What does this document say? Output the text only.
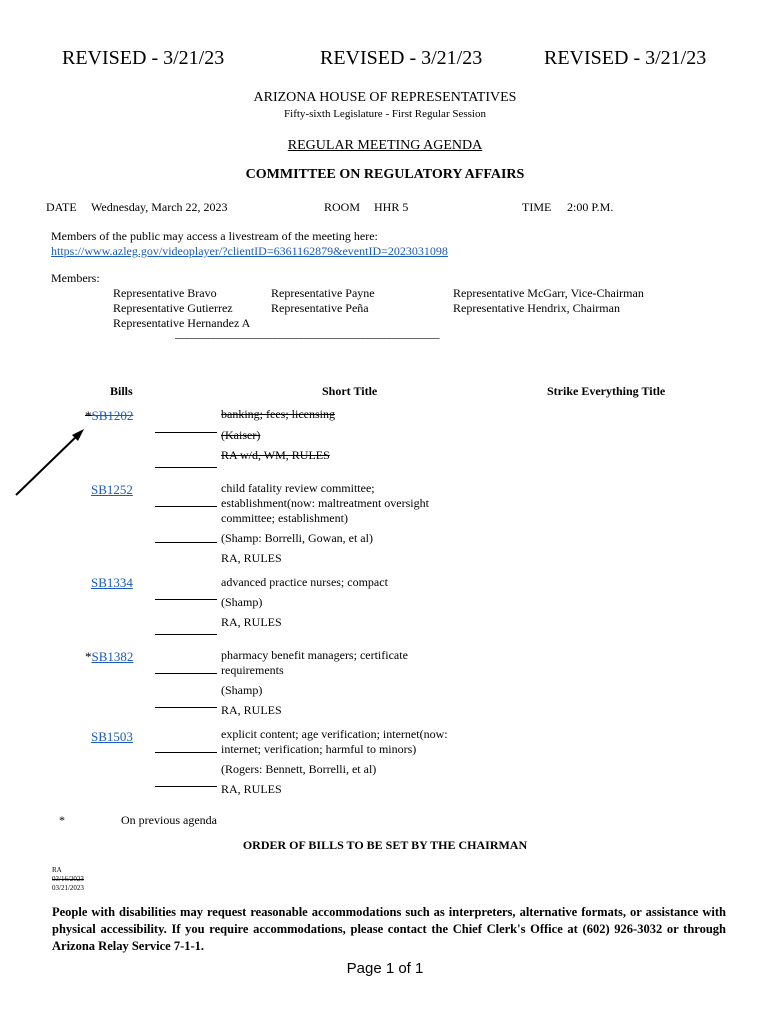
REVISED - 3/21/23	REVISED - 3/21/23	REVISED - 3/21/23
ARIZONA HOUSE OF REPRESENTATIVES
Fifty-sixth Legislature - First Regular Session
REGULAR MEETING AGENDA
COMMITTEE ON REGULATORY AFFAIRS
DATE Wednesday, March 22, 2023	ROOM HHR 5	TIME 2:00 P.M.
Members of the public may access a livestream of the meeting here:
https://www.azleg.gov/videoplayer/?clientID=6361162879&eventID=2023031098
Members:
Representative Bravo
Representative Gutierrez
Representative Hernandez A
Representative Payne
Representative Peña
Representative McGarr, Vice-Chairman
Representative Hendrix, Chairman
________________________________________________
Bills	Short Title	Strike Everything Title
*SB1202	banking; fees; licensing
(Kaiser)
RA w/d, WM, RULES
SB1252	child fatality review committee;
establishment(now: maltreatment oversight
committee; establishment)
(Shamp: Borrelli, Gowan, et al)
RA, RULES
SB1334	advanced practice nurses; compact
(Shamp)
RA, RULES
*SB1382	pharmacy benefit managers; certificate
requirements
(Shamp)
RA, RULES
SB1503	explicit content; age verification; internet(now:
internet; verification; harmful to minors)
(Rogers: Bennett, Borrelli, et al)
RA, RULES
*	On previous agenda
ORDER OF BILLS TO BE SET BY THE CHAIRMAN
RA
03/16/2023
03/21/2023
People with disabilities may request reasonable accommodations such as interpreters, alternative formats, or assistance with physical accessibility. If you require accommodations, please contact the Chief Clerk's Office at (602) 926-3032 or through Arizona Relay Service 7-1-1.
Page 1 of 1
